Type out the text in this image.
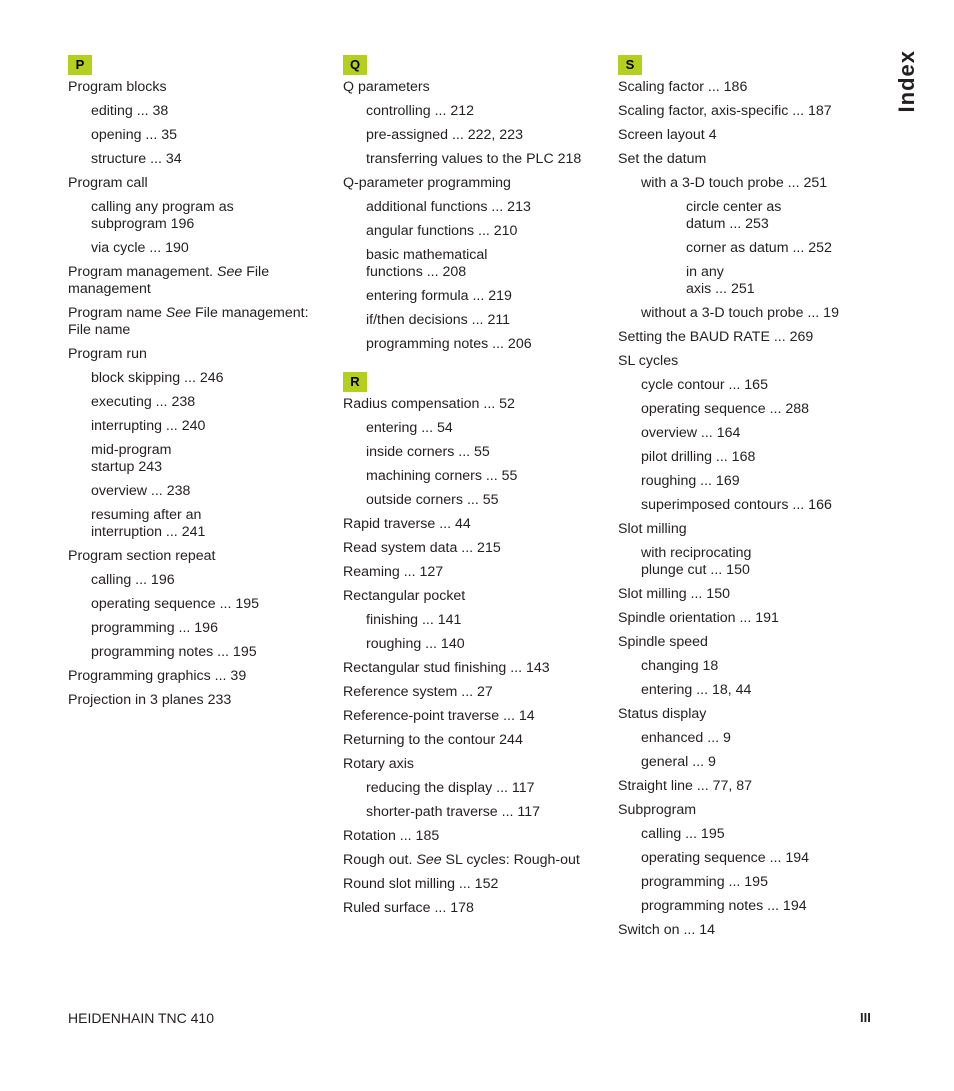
P
Program blocks
editing ... 38
opening ... 35
structure ... 34
Program call
calling any program as
subprogram 196
via cycle ... 190
Program management. See File
management
Program name See File management:
File name
Program run
block skipping ... 246
executing ... 238
interrupting ... 240
mid-program
startup 243
overview ... 238
resuming after an
interruption ... 241
Program section repeat
calling ... 196
operating sequence ... 195
programming ... 196
programming notes ... 195
Programming graphics ... 39
Projection in 3 planes 233
Q
Q parameters
controlling ... 212
pre-assigned ... 222, 223
transferring values to the PLC 218
Q-parameter programming
additional functions ... 213
angular functions ... 210
basic mathematical
functions ... 208
entering formula ... 219
if/then decisions ... 211
programming notes ... 206
R
Radius compensation ... 52
entering ... 54
inside corners ... 55
machining corners ... 55
outside corners ... 55
Rapid traverse ... 44
Read system data ... 215
Reaming ... 127
Rectangular pocket
finishing ... 141
roughing ... 140
Rectangular stud finishing ... 143
Reference system ... 27
Reference-point traverse ... 14
Returning to the contour 244
Rotary axis
reducing the display ... 117
shorter-path traverse ... 117
Rotation ... 185
Rough out. See SL cycles: Rough-out
Round slot milling ... 152
Ruled surface ... 178
S
Scaling factor ... 186
Scaling factor, axis-specific ... 187
Screen layout 4
Set the datum
with a 3-D touch probe ... 251
circle center as
datum ... 253
corner as datum ... 252
in any
axis ... 251
without a 3-D touch probe ... 19
Setting the BAUD RATE ... 269
SL cycles
cycle contour ... 165
operating sequence ... 288
overview ... 164
pilot drilling ... 168
roughing ... 169
superimposed contours ... 166
Slot milling
with reciprocating
plunge cut ... 150
Slot milling ... 150
Spindle orientation ... 191
Spindle speed
changing 18
entering ... 18, 44
Status display
enhanced ... 9
general ... 9
Straight line ... 77, 87
Subprogram
calling ... 195
operating sequence ... 194
programming ... 195
programming notes ... 194
Switch on ... 14
Index
HEIDENHAIN TNC 410	III
